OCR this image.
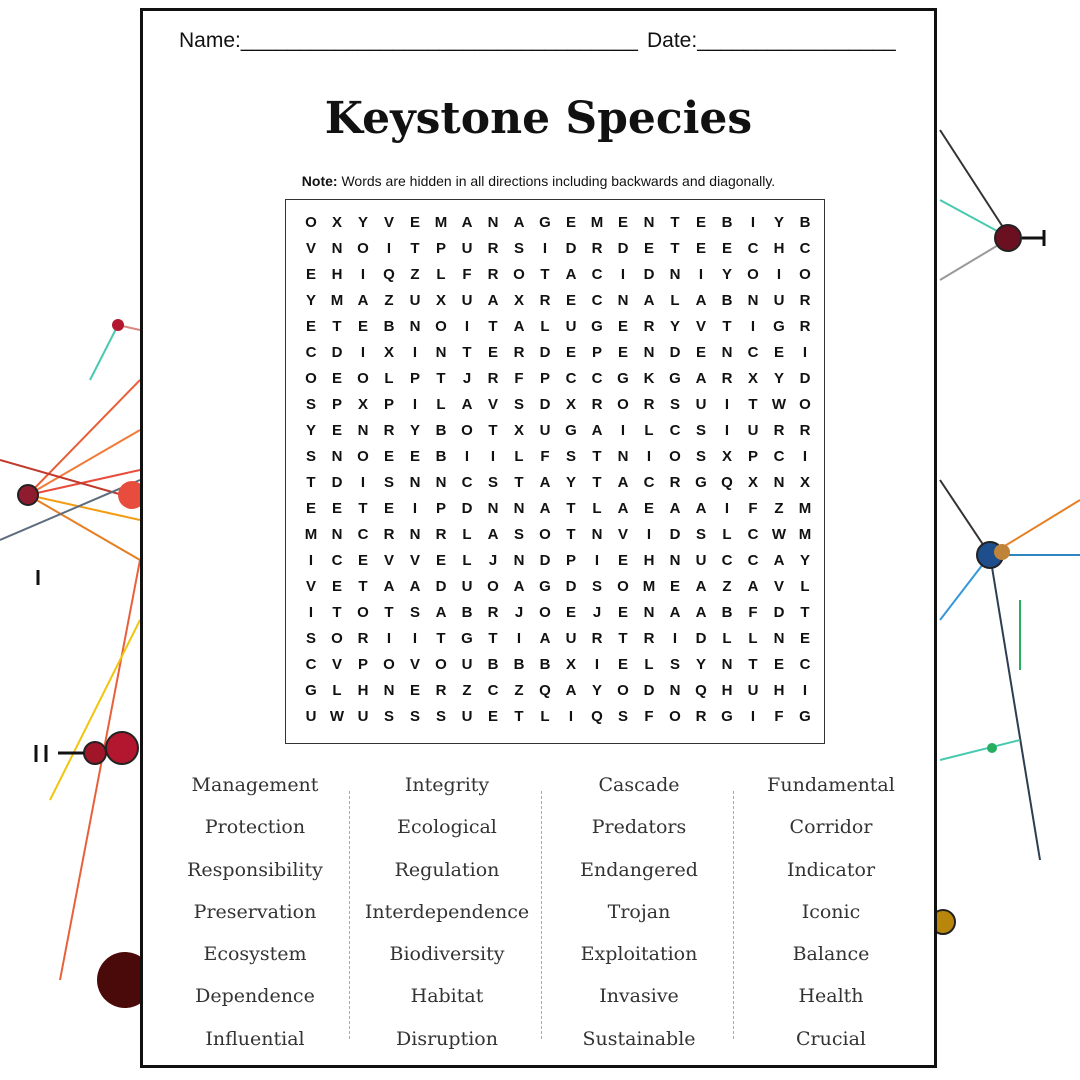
Name:__________________________________ Date:_________________
Keystone Species
Note: Words are hidden in all directions including backwards and diagonally.
O	X	Y	V	E M A	N	A G	E M E	N	T	E	B	I	Y	B
V	N O	I	T	P	U	R	S	I	D	R	D	E	T	E	E	C	H	C
E	H	I	Q	Z	L	F	R O	T	A	C	I	D	N	I	Y	O	I	O
Y M A	Z	U	X	U	A	X	R	E	C	N	A	L	A	B	N	U	R
E	T	E	B	N O	I	T	A	L	U G	E	R	Y	V	T	I	G R
C	D	I	X	I	N	T	E	R	D	E	P	E	N	D	E	N	C	E	I
O	E	O	L	P	T	J	R	F	P	C	C G K G A	R	X	Y	D
S	P	X	P	I	L	A	V	S	D	X	R O R	S	U	I	T W O
Y	E	N	R	Y	B O	T	X	U G A	I	L	C	S	I	U	R	R
S	N O	E	E	B	I	I	L	F	S	T	N	I	O	S	X	P	C	I
T	D	I	S	N	N	C	S	T	A	Y	T	A	C	R G Q	X	N	X
E	E	T	E	I	P	D	N	N	A	T	L	A	E	A	A	I	F	Z	M
M N	C	R	N	R	L	A	S	O	T	N	V	I	D	S	L	C W M
I	C	E	V	V	E	L	J	N	D	P	I	E	H	N	U	C	C	A	Y
V	E	T	A	A	D	U O A G D	S	O M E	A	Z	A	V	L
I	T	O	T	S	A	B	R	J	O	E	J	E	N	A	A	B	F	D	T
S	O R	I	I	T	G	T	I	A	U	R	T	R	I	D	L	L	N	E
C	V	P	O	V	O U	B	B	B	X	I	E	L	S	Y	N	T	E	C
G	L	H	N	E	R	Z	C	Z	Q A	Y	O D	N Q H	U	H	I
U W U	S	S	S	U	E	T	L	I	Q	S	F	O R G	I	F	G
Management
Protection
Responsibility
Preservation
Ecosystem
Dependence
Influential
Integrity
Ecological
Regulation
Interdependence
Biodiversity
Habitat
Disruption
Cascade
Predators
Endangered
Trojan
Exploitation
Invasive
Sustainable
Fundamental
Corridor
Indicator
Iconic
Balance
Health
Crucial
